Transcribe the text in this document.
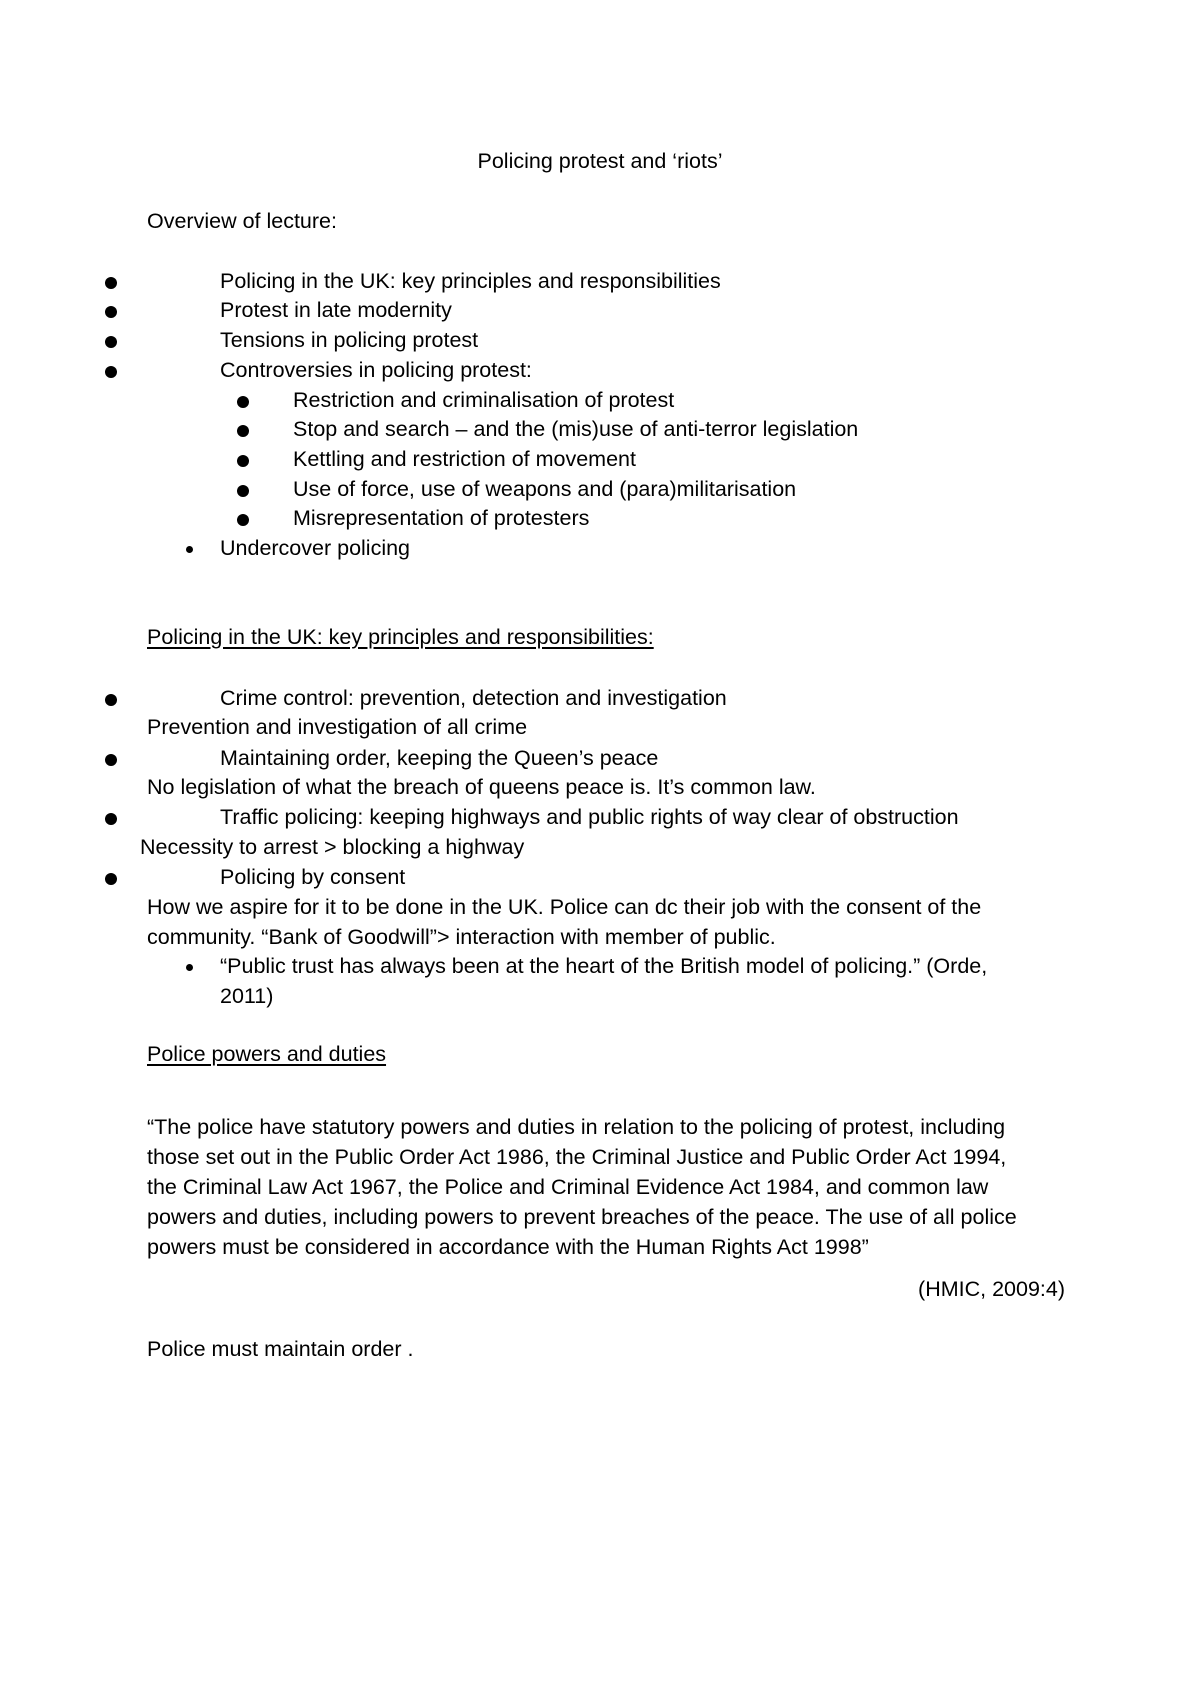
Policing protest and ‘riots’
Overview of lecture:
Policing in the UK: key principles and responsibilities
Protest in late modernity
Tensions in policing protest
Controversies in policing protest:
Restriction and criminalisation of protest
Stop and search – and the (mis)use of anti-terror legislation
Kettling and restriction of movement
Use of force, use of weapons and (para)militarisation
Misrepresentation of protesters
Undercover policing
Policing in the UK: key principles and responsibilities:
Crime control: prevention, detection and investigation
Prevention and investigation of all crime
Maintaining order, keeping the Queen’s peace
No legislation of what the breach of queens peace is. It’s common law.
Traffic policing: keeping highways and public rights of way clear of obstruction
Necessity to arrest > blocking a highway
Policing by consent
How we aspire for it to be done in the UK. Police can dc their job with the consent of the
community. “Bank of Goodwill”> interaction with member of public.
“Public trust has always been at the heart of the British model of policing.” (Orde,
2011)
Police powers and duties
“The police have statutory powers and duties in relation to the policing of protest, including
those set out in the Public Order Act 1986, the Criminal Justice and Public Order Act 1994,
the Criminal Law Act 1967, the Police and Criminal Evidence Act 1984, and common law
powers and duties, including powers to prevent breaches of the peace. The use of all police
powers must be considered in accordance with the Human Rights Act 1998”
(HMIC, 2009:4)
Police must maintain order .
